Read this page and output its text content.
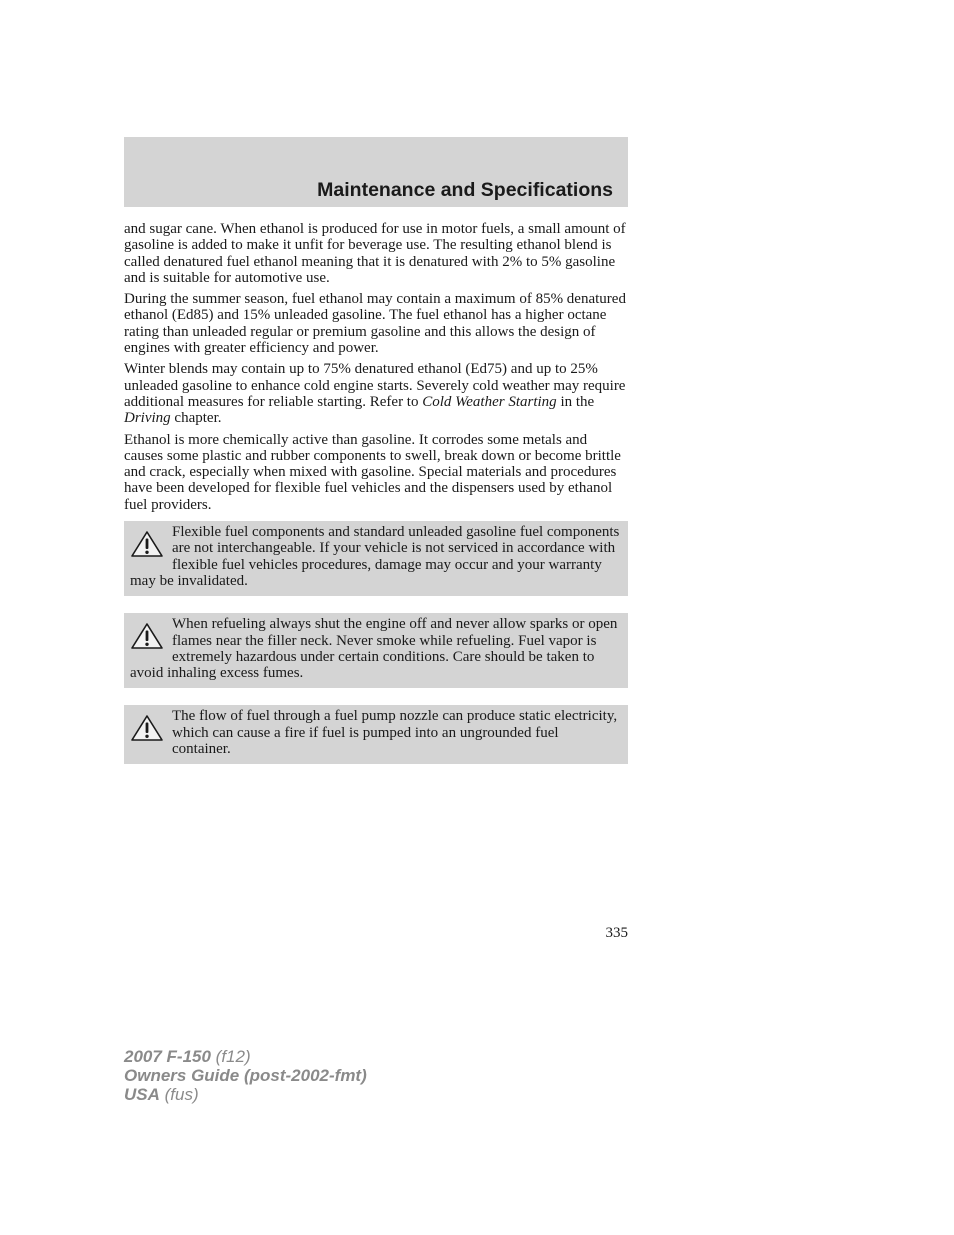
Maintenance and Specifications

and sugar cane. When ethanol is produced for use in motor fuels, a small amount of gasoline is added to make it unfit for beverage use. The resulting ethanol blend is called denatured fuel ethanol meaning that it is denatured with 2% to 5% gasoline and is suitable for automotive use.

During the summer season, fuel ethanol may contain a maximum of 85% denatured ethanol (Ed85) and 15% unleaded gasoline. The fuel ethanol has a higher octane rating than unleaded regular or premium gasoline and this allows the design of engines with greater efficiency and power.

Winter blends may contain up to 75% denatured ethanol (Ed75) and up to 25% unleaded gasoline to enhance cold engine starts. Severely cold weather may require additional measures for reliable starting. Refer to Cold Weather Starting in the Driving chapter.

Ethanol is more chemically active than gasoline. It corrodes some metals and causes some plastic and rubber components to swell, break down or become brittle and crack, especially when mixed with gasoline. Special materials and procedures have been developed for flexible fuel vehicles and the dispensers used by ethanol fuel providers.

Flexible fuel components and standard unleaded gasoline fuel components are not interchangeable. If your vehicle is not serviced in accordance with flexible fuel vehicles procedures, damage may occur and your warranty may be invalidated.

When refueling always shut the engine off and never allow sparks or open flames near the filler neck. Never smoke while refueling. Fuel vapor is extremely hazardous under certain conditions. Care should be taken to avoid inhaling excess fumes.

The flow of fuel through a fuel pump nozzle can produce static electricity, which can cause a fire if fuel is pumped into an ungrounded fuel container.

335

2007 F-150 (f12)
Owners Guide (post-2002-fmt)
USA (fus)
